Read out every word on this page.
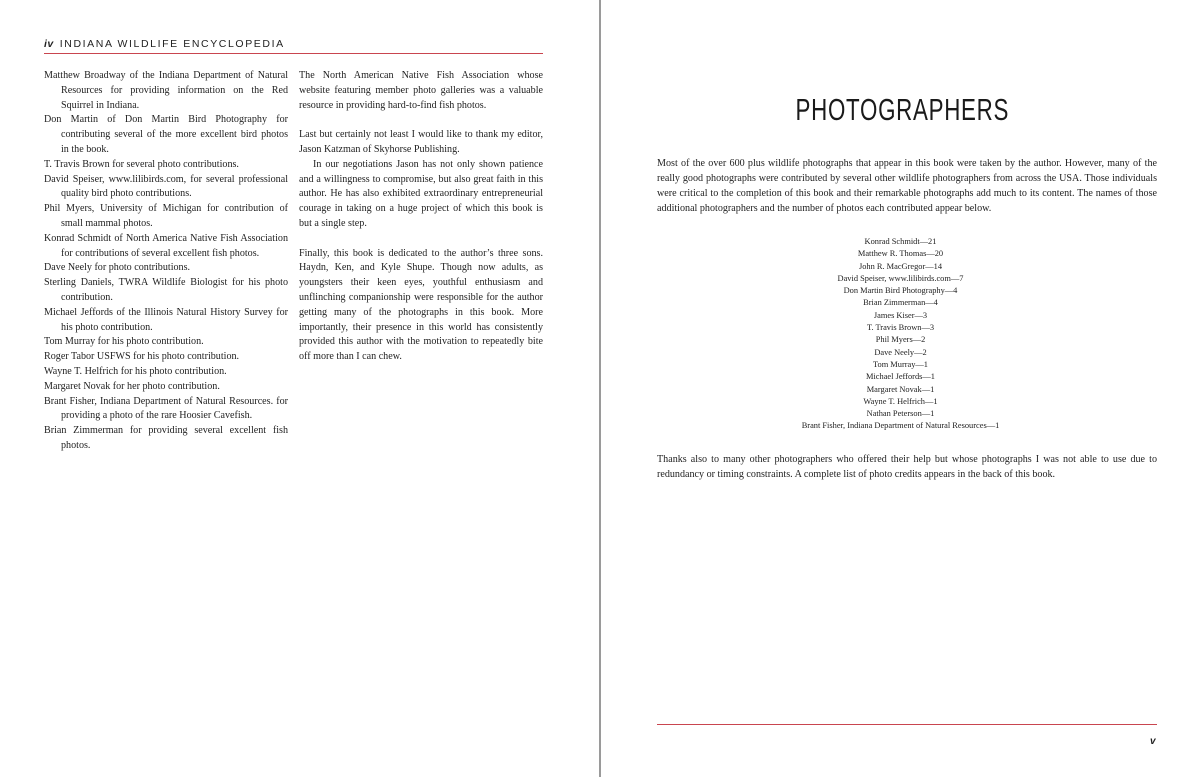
iv INDIANA WILDLIFE ENCYCLOPEDIA

Matthew Broadway of the Indiana Department of Natural Resources for providing information on the Red Squirrel in Indiana.

Don Martin of Don Martin Bird Photography for contributing several of the more excellent bird photos in the book.

T. Travis Brown for several photo contributions.

David Speiser, www.lilibirds.com, for several professional quality bird photo contributions.

Phil Myers, University of Michigan for contribution of small mammal photos.

Konrad Schmidt of North America Native Fish Association for contributions of several excellent fish photos.

Dave Neely for photo contributions.

Sterling Daniels, TWRA Wildlife Biologist for his photo contribution.

Michael Jeffords of the Illinois Natural History Survey for his photo contribution.

Tom Murray for his photo contribution.

Roger Tabor USFWS for his photo contribution.

Wayne T. Helfrich for his photo contribution.

Margaret Novak for her photo contribution.

Brant Fisher, Indiana Department of Natural Resources. for providing a photo of the rare Hoosier Cavefish.

Brian Zimmerman for providing several excellent fish photos.

The North American Native Fish Association whose website featuring member photo galleries was a valuable resource in providing hard-to-find fish photos.

Last but certainly not least I would like to thank my editor, Jason Katzman of Skyhorse Publishing.

In our negotiations Jason has not only shown patience and a willingness to compromise, but also great faith in this author. He has also exhibited extraordinary entrepreneurial courage in taking on a huge project of which this book is but a single step.

Finally, this book is dedicated to the author’s three sons. Haydn, Ken, and Kyle Shupe. Though now adults, as youngsters their keen eyes, youthful enthusiasm and unflinching companionship were responsible for the author getting many of the photographs in this book. More importantly, their presence in this world has consistently provided this author with the motivation to repeatedly bite off more than I can chew.

PHOTOGRAPHERS

Most of the over 600 plus wildlife photographs that appear in this book were taken by the author. However, many of the really good photographs were contributed by several other wildlife photographers from across the USA. Those individuals were critical to the completion of this book and their remarkable photographs add much to its content. The names of those additional photographers and the number of photos each contributed appear below.

Konrad Schmidt—21
Matthew R. Thomas—20
John R. MacGregor—14
David Speiser, www.lilibirds.com—7
Don Martin Bird Photography—4
Brian Zimmerman—4
James Kiser—3
T. Travis Brown—3
Phil Myers—2
Dave Neely—2
Tom Murray—1
Michael Jeffords—1
Margaret Novak—1
Wayne T. Helfrich—1
Nathan Peterson—1
Brant Fisher, Indiana Department of Natural Resources—1

Thanks also to many other photographers who offered their help but whose photographs I was not able to use due to redundancy or timing constraints. A complete list of photo credits appears in the back of this book.

v
